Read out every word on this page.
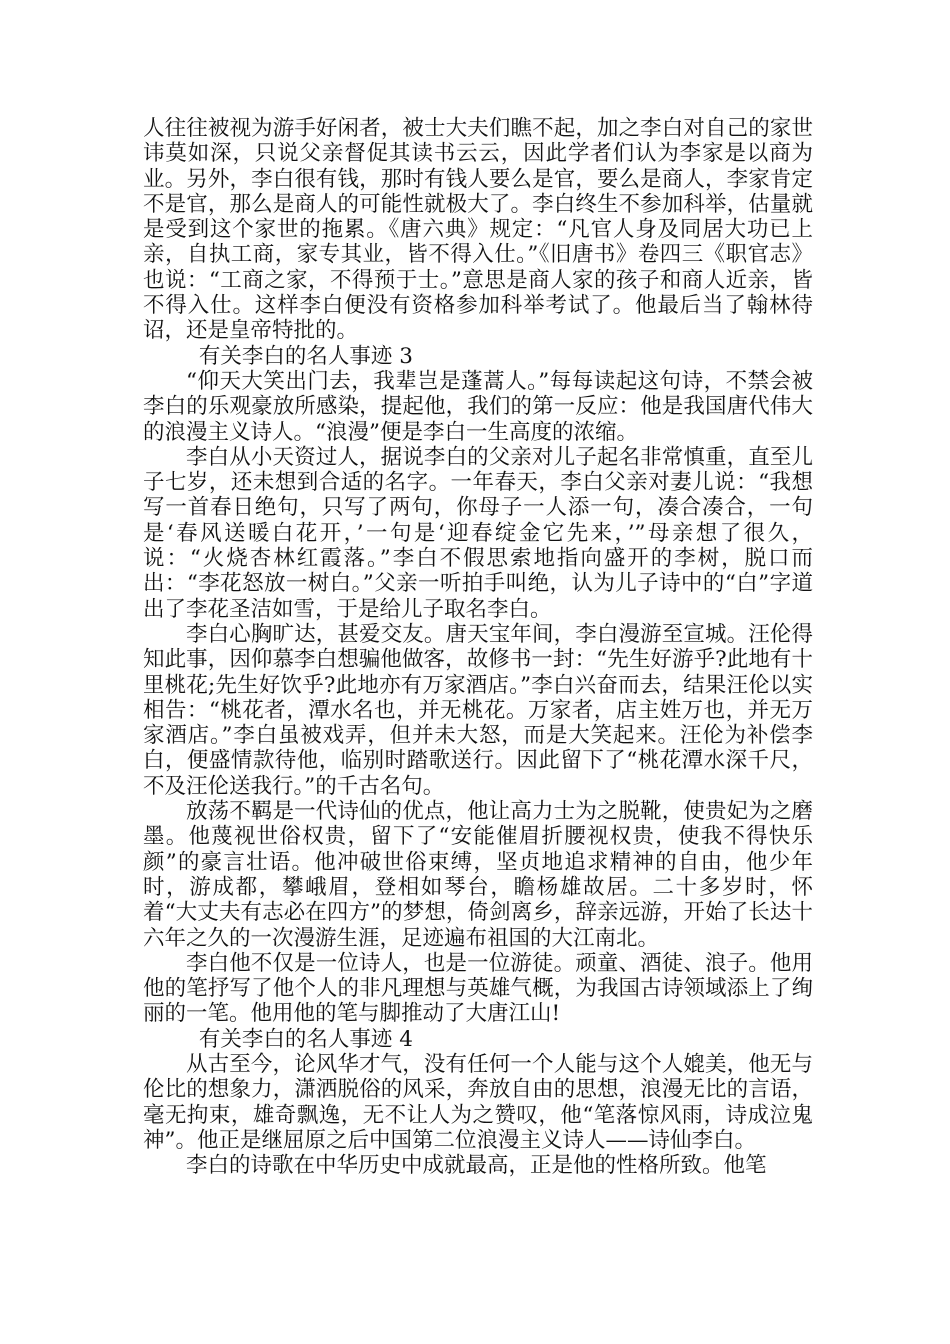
人往往被视为游手好闲者，被士大夫们瞧不起，加之李白对自己的家世讳莫如深，只说父亲督促其读书云云，因此学者们认为李家是以商为业。另外，李白很有钱，那时有钱人要么是官，要么是商人，李家肯定不是官，那么是商人的可能性就极大了。李白终生不参加科举，估量就是受到这个家世的拖累。《唐六典》规定：“凡官人身及同居大功已上亲，自执工商，家专其业，皆不得入仕。”《旧唐书》卷四三《职官志》也说：“工商之家，不得预于士。”意思是商人家的孩子和商人近亲，皆不得入仕。这样李白便没有资格参加科举考试了。他最后当了翰林待诏，还是皇帝特批的。

有关李白的名人事迹 3

“仰天大笑出门去，我辈岂是蓬蒿人。”每每读起这句诗，不禁会被李白的乐观豪放所感染，提起他，我们的第一反应：他是我国唐代伟大的浪漫主义诗人。“浪漫”便是李白一生高度的浓缩。

李白从小天资过人，据说李白的父亲对儿子起名非常慎重，直至儿子七岁，还未想到合适的名字。一年春天，李白父亲对妻儿说：“我想写一首春日绝句，只写了两句，你母子一人添一句，凑合凑合，一句是‘春风送暖白花开，’一句是‘迎春绽金它先来，’”母亲想了很久，说：“火烧杏林红霞落。”李白不假思索地指向盛开的李树，脱口而出：“李花怒放一树白。”父亲一听拍手叫绝，认为儿子诗中的“白”字道出了李花圣洁如雪，于是给儿子取名李白。

李白心胸旷达，甚爱交友。唐天宝年间，李白漫游至宣城。汪伦得知此事，因仰慕李白想骗他做客，故修书一封：“先生好游乎?此地有十里桃花;先生好饮乎?此地亦有万家酒店。”李白兴奋而去，结果汪伦以实相告：“桃花者，潭水名也，并无桃花。万家者，店主姓万也，并无万家酒店。”李白虽被戏弄，但并未大怒，而是大笑起来。汪伦为补偿李白，便盛情款待他，临别时踏歌送行。因此留下了“桃花潭水深千尺，不及汪伦送我行。”的千古名句。

放荡不羁是一代诗仙的优点，他让高力士为之脱靴，使贵妃为之磨墨。他蔑视世俗权贵，留下了“安能催眉折腰视权贵，使我不得快乐颜”的豪言壮语。他冲破世俗束缚，坚贞地追求精神的自由，他少年时，游成都，攀峨眉，登相如琴台，瞻杨雄故居。二十多岁时，怀着“大丈夫有志必在四方”的梦想，倚剑离乡，辞亲远游，开始了长达十六年之久的一次漫游生涯，足迹遍布祖国的大江南北。

李白他不仅是一位诗人，也是一位游徒。顽童、酒徒、浪子。他用他的笔抒写了他个人的非凡理想与英雄气概，为我国古诗领域添上了绚丽的一笔。他用他的笔与脚推动了大唐江山!

有关李白的名人事迹 4

从古至今，论风华才气，没有任何一个人能与这个人媲美，他无与伦比的想象力，潇洒脱俗的风采，奔放自由的思想，浪漫无比的言语，毫无拘束，雄奇飘逸，无不让人为之赞叹，他“笔落惊风雨，诗成泣鬼神”。他正是继屈原之后中国第二位浪漫主义诗人——诗仙李白。

李白的诗歌在中华历史中成就最高，正是他的性格所致。他笔
